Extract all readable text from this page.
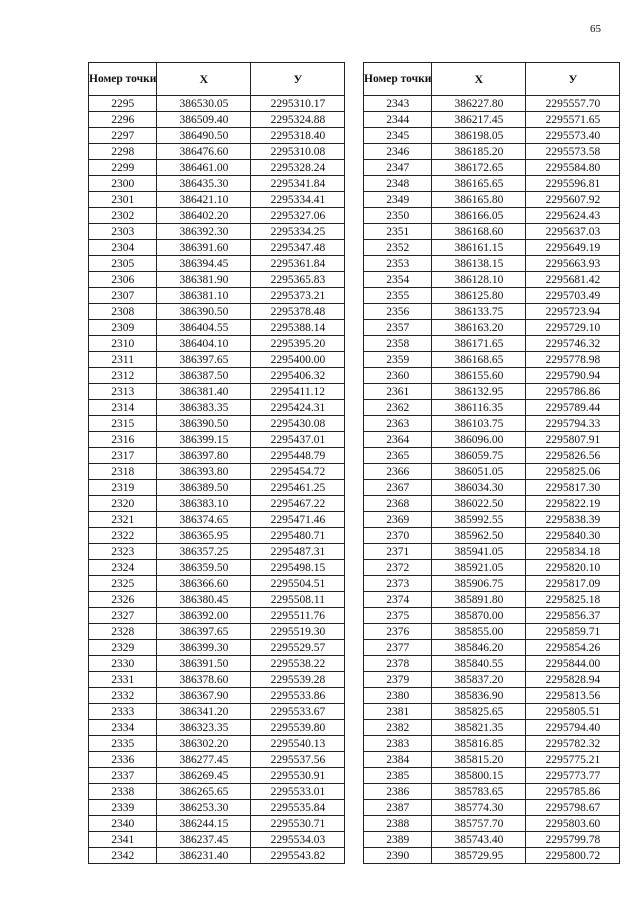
65
Номер точки	X	У
2295	386530.05	2295310.17
2296	386509.40	2295324.88
2297	386490.50	2295318.40
2298	386476.60	2295310.08
2299	386461.00	2295328.24
2300	386435.30	2295341.84
2301	386421.10	2295334.41
2302	386402.20	2295327.06
2303	386392.30	2295334.25
2304	386391.60	2295347.48
2305	386394.45	2295361.84
2306	386381.90	2295365.83
2307	386381.10	2295373.21
2308	386390.50	2295378.48
2309	386404.55	2295388.14
2310	386404.10	2295395.20
2311	386397.65	2295400.00
2312	386387.50	2295406.32
2313	386381.40	2295411.12
2314	386383.35	2295424.31
2315	386390.50	2295430.08
2316	386399.15	2295437.01
2317	386397.80	2295448.79
2318	386393.80	2295454.72
2319	386389.50	2295461.25
2320	386383.10	2295467.22
2321	386374.65	2295471.46
2322	386365.95	2295480.71
2323	386357.25	2295487.31
2324	386359.50	2295498.15
2325	386366.60	2295504.51
2326	386380.45	2295508.11
2327	386392.00	2295511.76
2328	386397.65	2295519.30
2329	386399.30	2295529.57
2330	386391.50	2295538.22
2331	386378.60	2295539.28
2332	386367.90	2295533.86
2333	386341.20	2295533.67
2334	386323.35	2295539.80
2335	386302.20	2295540.13
2336	386277.45	2295537.56
2337	386269.45	2295530.91
2338	386265.65	2295533.01
2339	386253.30	2295535.84
2340	386244.15	2295530.71
2341	386237.45	2295534.03
2342	386231.40	2295543.82
Номер точки	X	У
2343	386227.80	2295557.70
2344	386217.45	2295571.65
2345	386198.05	2295573.40
2346	386185.20	2295573.58
2347	386172.65	2295584.80
2348	386165.65	2295596.81
2349	386165.80	2295607.92
2350	386166.05	2295624.43
2351	386168.60	2295637.03
2352	386161.15	2295649.19
2353	386138.15	2295663.93
2354	386128.10	2295681.42
2355	386125.80	2295703.49
2356	386133.75	2295723.94
2357	386163.20	2295729.10
2358	386171.65	2295746.32
2359	386168.65	2295778.98
2360	386155.60	2295790.94
2361	386132.95	2295786.86
2362	386116.35	2295789.44
2363	386103.75	2295794.33
2364	386096.00	2295807.91
2365	386059.75	2295826.56
2366	386051.05	2295825.06
2367	386034.30	2295817.30
2368	386022.50	2295822.19
2369	385992.55	2295838.39
2370	385962.50	2295840.30
2371	385941.05	2295834.18
2372	385921.05	2295820.10
2373	385906.75	2295817.09
2374	385891.80	2295825.18
2375	385870.00	2295856.37
2376	385855.00	2295859.71
2377	385846.20	2295854.26
2378	385840.55	2295844.00
2379	385837.20	2295828.94
2380	385836.90	2295813.56
2381	385825.65	2295805.51
2382	385821.35	2295794.40
2383	385816.85	2295782.32
2384	385815.20	2295775.21
2385	385800.15	2295773.77
2386	385783.65	2295785.86
2387	385774.30	2295798.67
2388	385757.70	2295803.60
2389	385743.40	2295799.78
2390	385729.95	2295800.72
